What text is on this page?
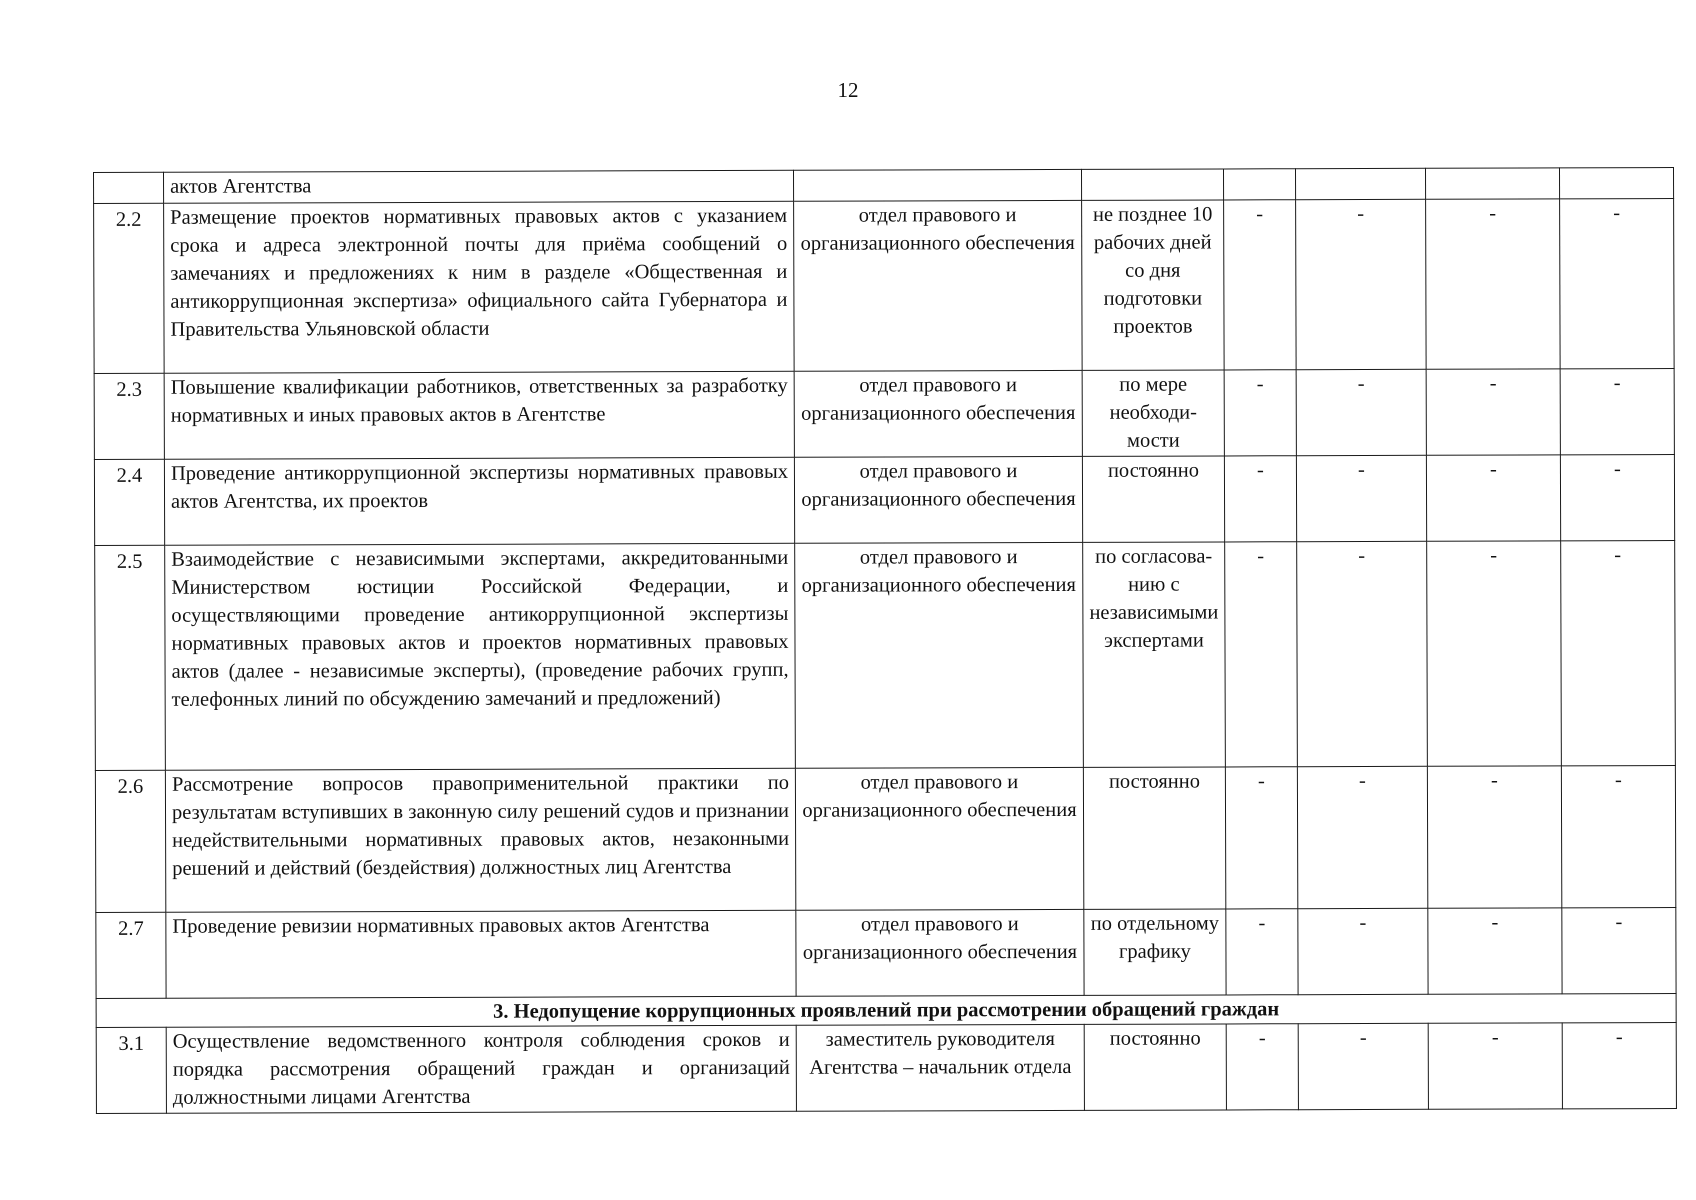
12
	актов Агентства						
2.2	Размещение проектов нормативных правовых актов с указанием срока и адреса электронной почты для приёма сообщений о замечаниях и предложениях к ним в разделе «Общественная и антикоррупционная экспертиза» официального сайта Губернатора и Правительства Ульяновской области	отдел правового и организационного обеспечения	не позднее 10 рабочих дней со дня подготовки проектов	-	-	-	-
2.3	Повышение квалификации работников, ответственных за разработку нормативных и иных правовых актов в Агентстве	отдел правового и организационного обеспечения	по мере необходи-мости	-	-	-	-
2.4	Проведение антикоррупционной экспертизы нормативных правовых актов Агентства, их проектов	отдел правового и организационного обеспечения	постоянно	-	-	-	-
2.5	Взаимодействие с независимыми экспертами, аккредитованными Министерством юстиции Российской Федерации, и осуществляющими проведение антикоррупционной экспертизы нормативных правовых актов и проектов нормативных правовых актов (далее - независимые эксперты), (проведение рабочих групп, телефонных линий по обсуждению замечаний и предложений)	отдел правового и организационного обеспечения	по согласова-нию с независимыми экспертами	-	-	-	-
2.6	Рассмотрение вопросов правоприменительной практики по результатам вступивших в законную силу решений судов и признании недействительными нормативных правовых актов, незаконными решений и действий (бездействия) должностных лиц Агентства	отдел правового и организационного обеспечения	постоянно	-	-	-	-
2.7	Проведение ревизии нормативных правовых актов Агентства	отдел правового и организационного обеспечения	по отдельному графику	-	-	-	-
3. Недопущение коррупционных проявлений при рассмотрении обращений граждан							
3.1	Осуществление ведомственного контроля соблюдения сроков и порядка рассмотрения обращений граждан и организаций должностными лицами Агентства	заместитель руководителя Агентства – начальник отдела	постоянно	-	-	-	-
